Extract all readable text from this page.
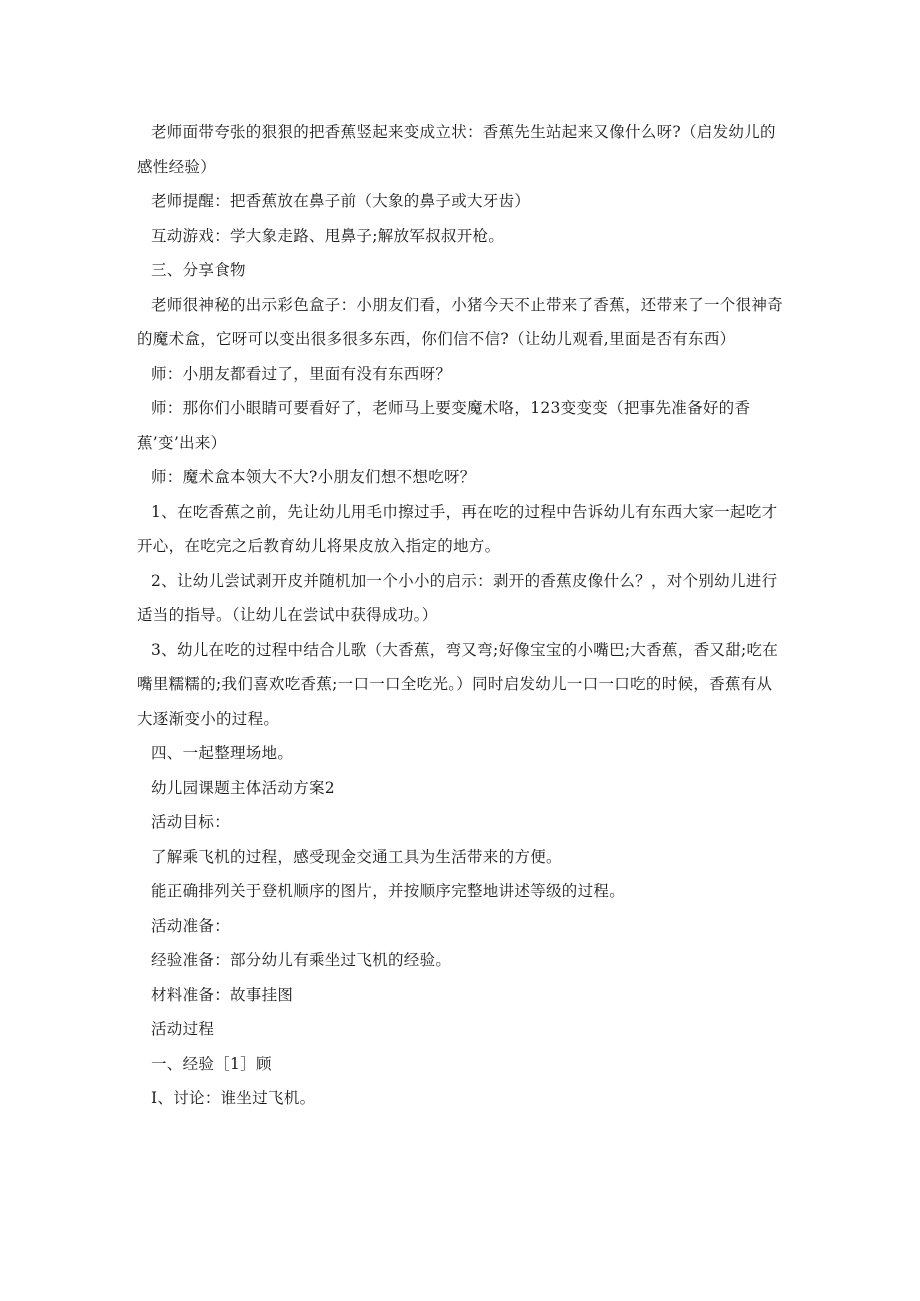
老师面带夸张的狠狠的把香蕉竖起来变成立状：香蕉先生站起来又像什么呀?（启发幼儿的感性经验）

老师提醒：把香蕉放在鼻子前（大象的鼻子或大牙齿）

互动游戏：学大象走路、甩鼻子;解放军叔叔开枪。

三、分享食物

老师很神秘的出示彩色盒子：小朋友们看，小猪今天不止带来了香蕉，还带来了一个很神奇的魔术盒，它呀可以变出很多很多东西，你们信不信?（让幼儿观看,里面是否有东西）

师：小朋友都看过了，里面有没有东西呀？

师：那你们小眼睛可要看好了，老师马上要变魔术咯，123变变变（把事先准备好的香蕉’变’出来）

师：魔术盒本领大不大?小朋友们想不想吃呀？

1、在吃香蕉之前，先让幼儿用毛巾擦过手，再在吃的过程中告诉幼儿有东西大家一起吃才开心，在吃完之后教育幼儿将果皮放入指定的地方。

2、让幼儿尝试剥开皮并随机加一个小小的启示：剥开的香蕉皮像什么？，对个别幼儿进行适当的指导。（让幼儿在尝试中获得成功。）

3、幼儿在吃的过程中结合儿歌（大香蕉，弯又弯;好像宝宝的小嘴巴;大香蕉，香又甜;吃在嘴里糯糯的;我们喜欢吃香蕉;一口一口全吃光。）同时启发幼儿一口一口吃的时候，香蕉有从大逐渐变小的过程。

四、一起整理场地。

幼儿园课题主体活动方案2

活动目标：

了解乘飞机的过程，感受现金交通工具为生活带来的方便。

能正确排列关于登机顺序的图片，并按顺序完整地讲述等级的过程。

活动准备：

经验准备：部分幼儿有乘坐过飞机的经验。

材料准备：故事挂图

活动过程

一、经验［1］顾

I、讨论：谁坐过飞机。
